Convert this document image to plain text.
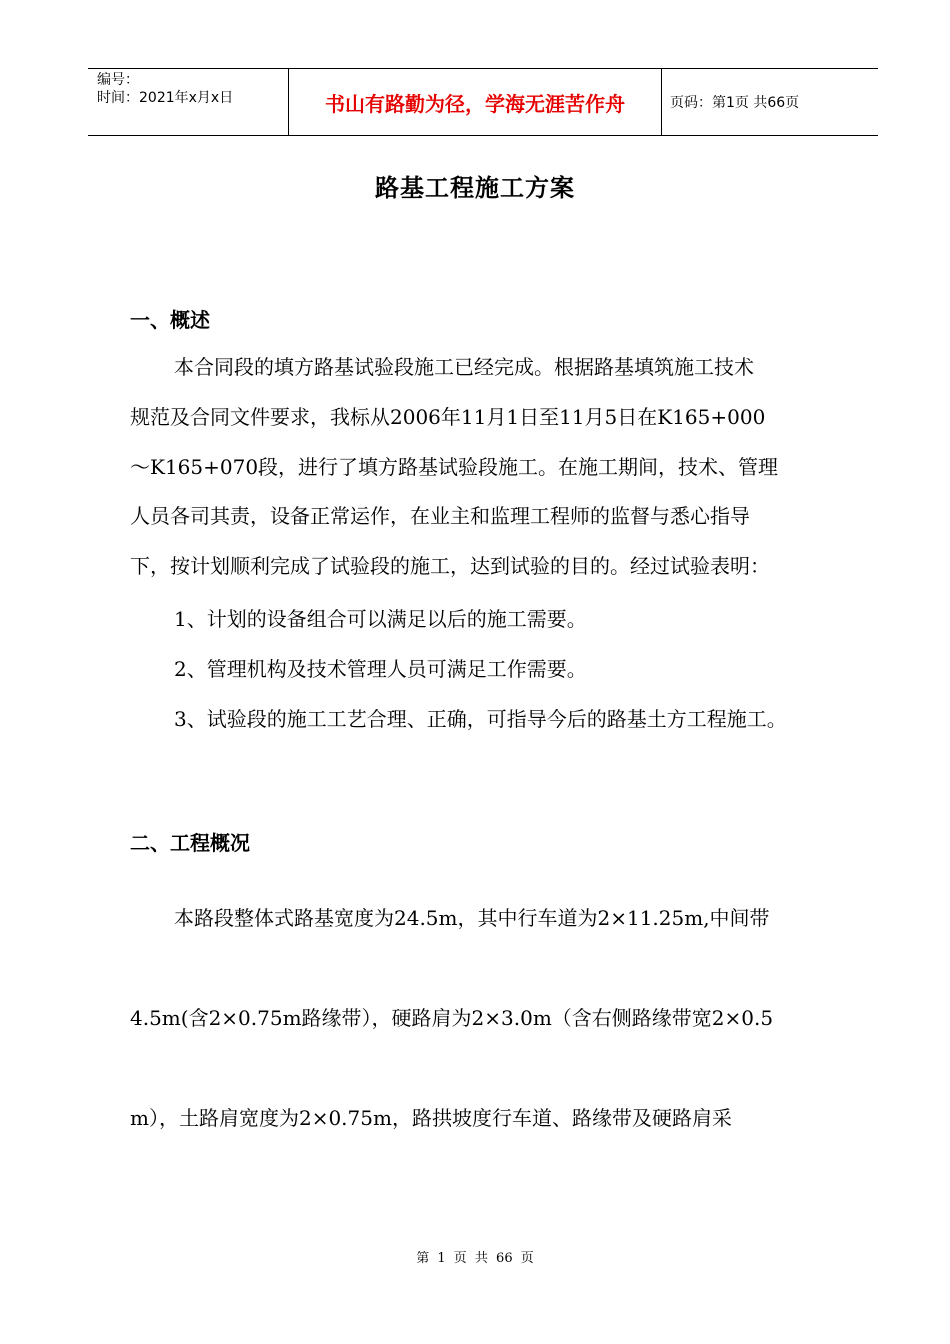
编号：
时间：2021年x月x日	书山有路勤为径，学海无涯苦作舟	页码：第1页 共66页
路基工程施工方案
一、概述
本合同段的填方路基试验段施工已经完成。根据路基填筑施工技术
规范及合同文件要求，我标从2006年11月1日至11月5日在K165+000
～K165+070段，进行了填方路基试验段施工。在施工期间，技术、管理
人员各司其责，设备正常运作，在业主和监理工程师的监督与悉心指导
下，按计划顺利完成了试验段的施工，达到试验的目的。经过试验表明：
1、计划的设备组合可以满足以后的施工需要。
2、管理机构及技术管理人员可满足工作需要。
3、试验段的施工工艺合理、正确，可指导今后的路基土方工程施工。
二、工程概况
本路段整体式路基宽度为24.5m，其中行车道为2×11.25m,中间带
4.5m(含2×0.75m路缘带），硬路肩为2×3.0m（含右侧路缘带宽2×0.5
m），土路肩宽度为2×0.75m，路拱坡度行车道、路缘带及硬路肩采
第 1 页 共 66 页
